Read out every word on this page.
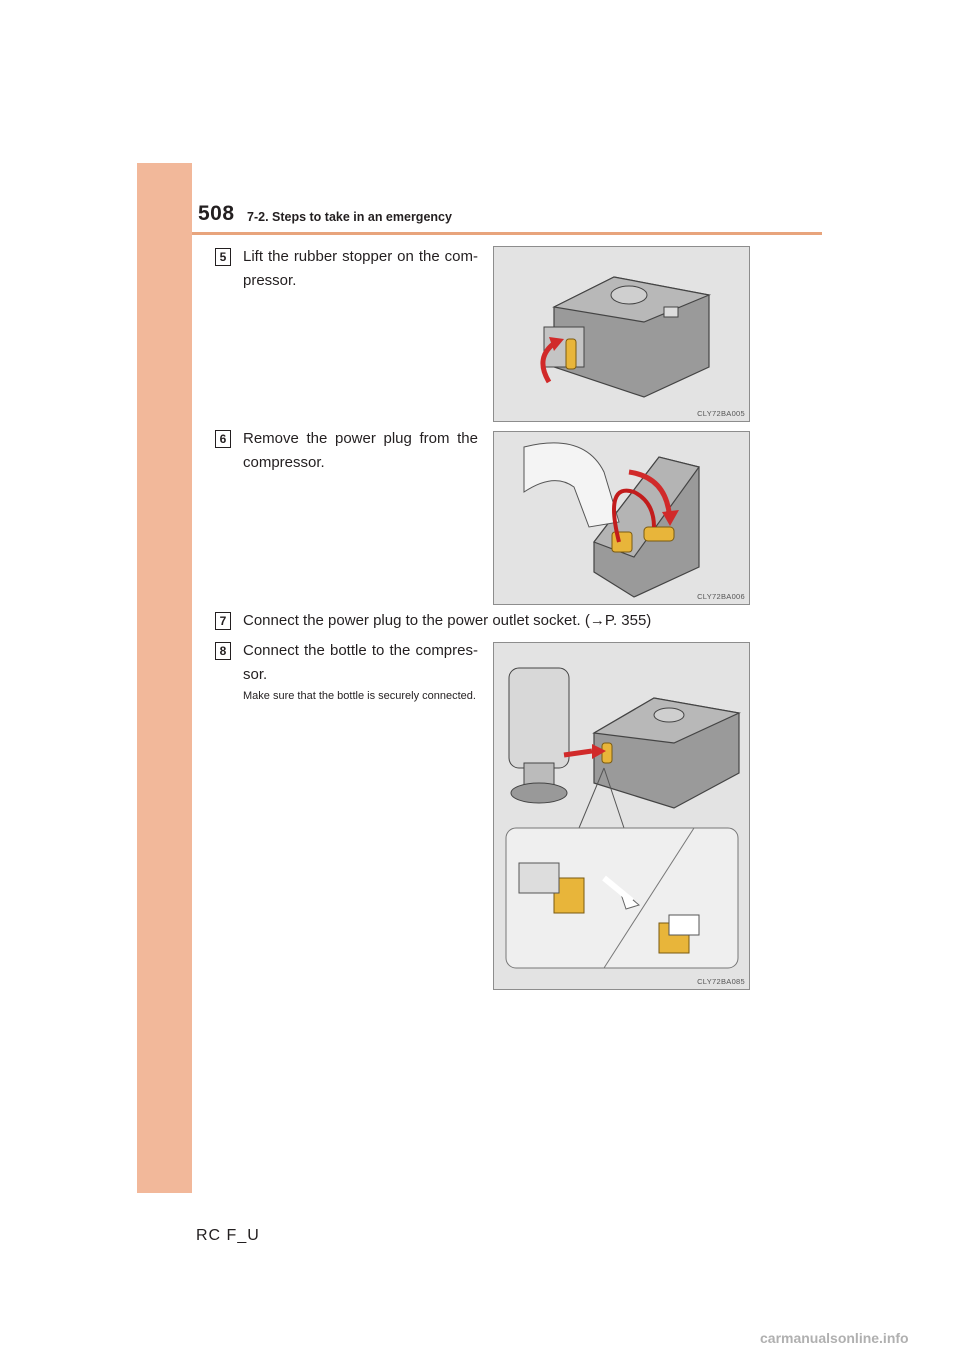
508 7-2. Steps to take in an emergency
5	Lift the rubber stopper on the com-pressor.
CLY72BA005
6	Remove the power plug from the compressor.
CLY72BA006
7	Connect the power plug to the power outlet socket. (→P. 355)
8	Connect the bottle to the compres-sor.
Make sure that the bottle is securely connected.
CLY72BA085
RC F_U
carmanualsonline.info
